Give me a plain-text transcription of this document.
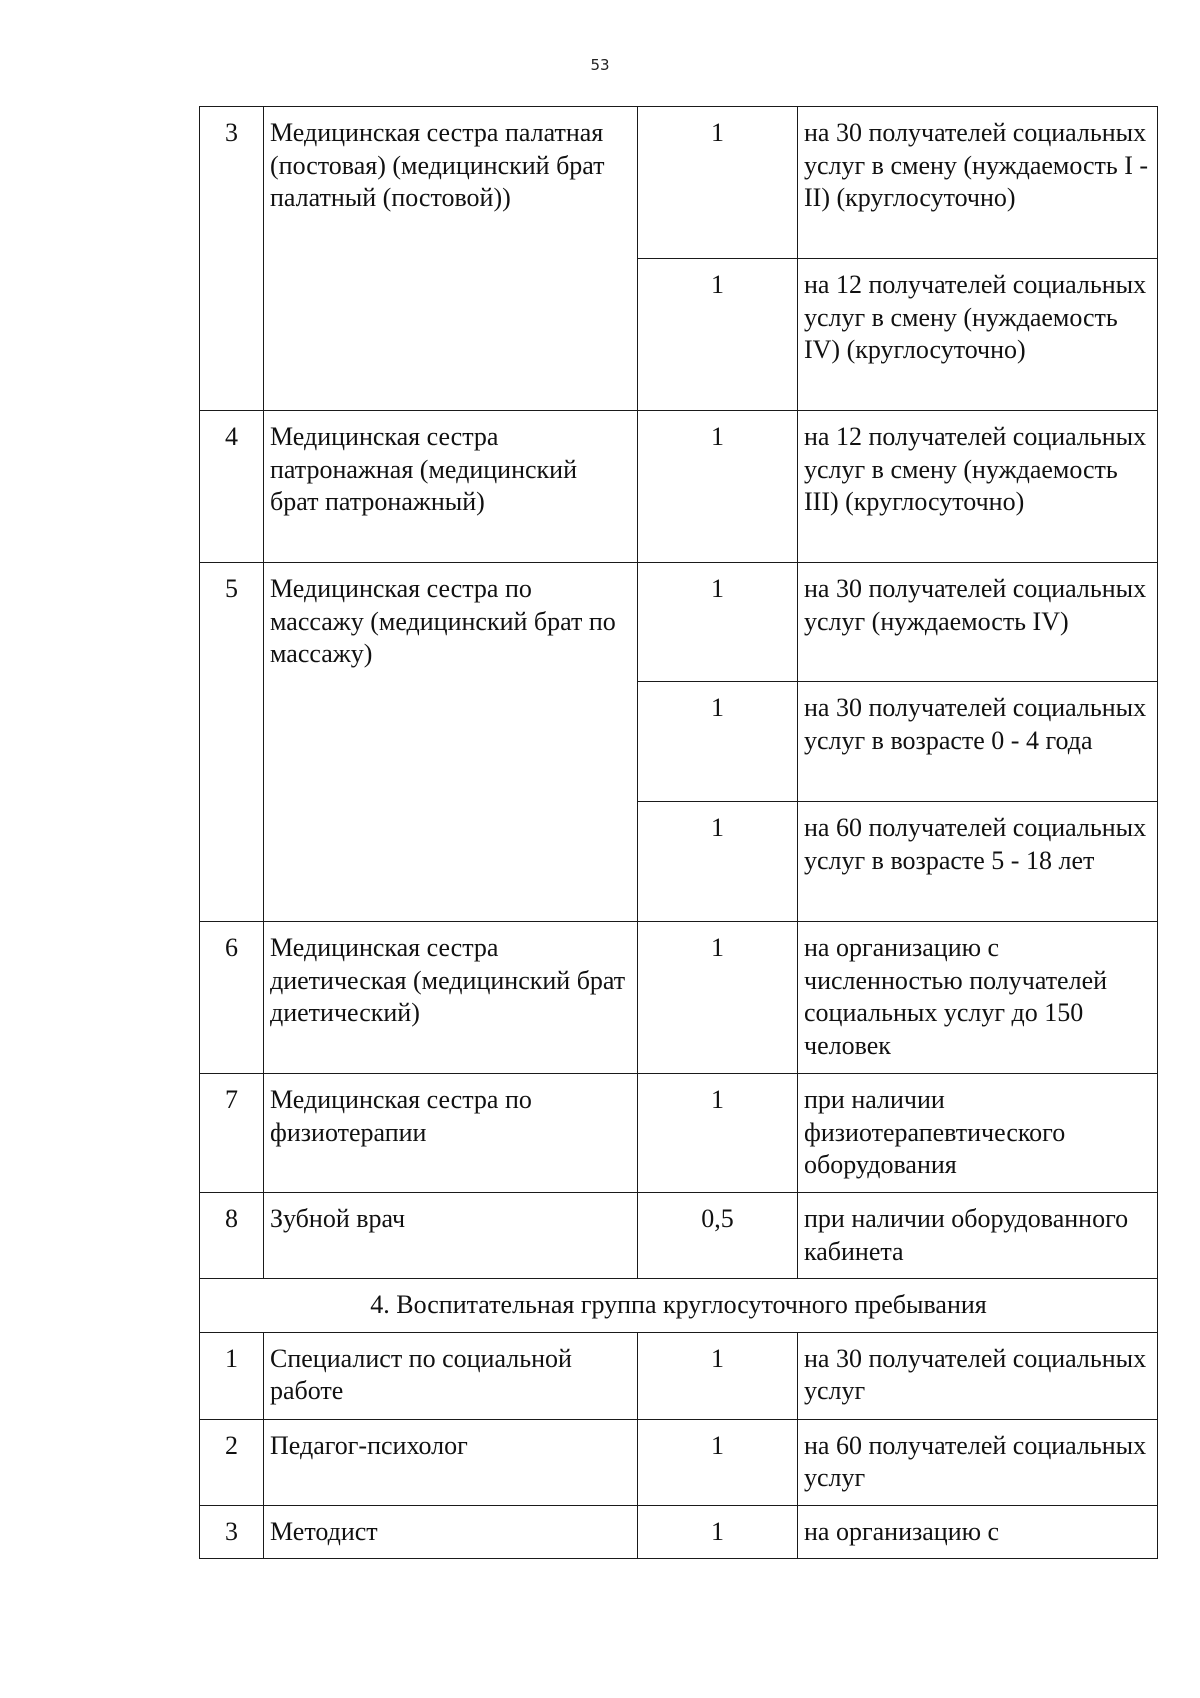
53
3	Медицинская сестра палатная (постовая) (медицинский брат палатный (постовой))	1	на 30 получателей социальных услуг в смену (нуждаемость I - II) (круглосуточно)
		1	на 12 получателей социальных услуг в смену (нуждаемость IV) (круглосуточно)
4	Медицинская сестра патронажная (медицинский брат патронажный)	1	на 12 получателей социальных услуг в смену (нуждаемость III) (круглосуточно)
5	Медицинская сестра по массажу (медицинский брат по массажу)	1	на 30 получателей социальных услуг (нуждаемость IV)
		1	на 30 получателей социальных услуг в возрасте 0 - 4 года
		1	на 60 получателей социальных услуг в возрасте 5 - 18 лет
6	Медицинская сестра диетическая (медицинский брат диетический)	1	на организацию с численностью получателей социальных услуг до 150 человек
7	Медицинская сестра по физиотерапии	1	при наличии физиотерапевтического оборудования
8	Зубной врач	0,5	при наличии оборудованного кабинета
4. Воспитательная группа круглосуточного пребывания			
1	Специалист по социальной работе	1	на 30 получателей социальных услуг
2	Педагог-психолог	1	на 60 получателей социальных услуг
3	Методист	1	на организацию с
